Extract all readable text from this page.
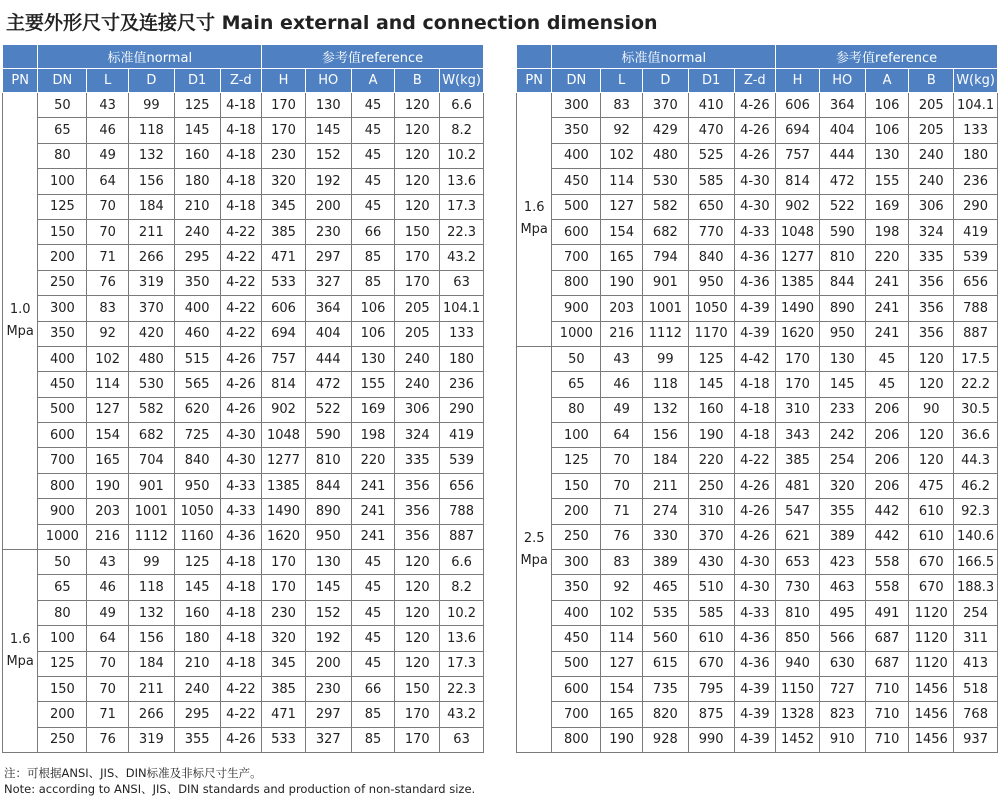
主要外形尺寸及连接尺寸 Main external and connection dimension
	标准值normal					参考值reference				
PN	DN	L	D	D1	Z-d	H	HO	A	B	W(kg)

1.0
Mpa	50	43	99	125	4-18	170	130	45	120	6.6
	65	46	118	145	4-18	170	145	45	120	8.2
	80	49	132	160	4-18	230	152	45	120	10.2
	100	64	156	180	4-18	320	192	45	120	13.6
	125	70	184	210	4-18	345	200	45	120	17.3
	150	70	211	240	4-22	385	230	66	150	22.3
	200	71	266	295	4-22	471	297	85	170	43.2
	250	76	319	350	4-22	533	327	85	170	63
	300	83	370	400	4-22	606	364	106	205	104.1
	350	92	420	460	4-22	694	404	106	205	133
	400	102	480	515	4-26	757	444	130	240	180
	450	114	530	565	4-26	814	472	155	240	236
	500	127	582	620	4-26	902	522	169	306	290
	600	154	682	725	4-30	1048	590	198	324	419
	700	165	704	840	4-30	1277	810	220	335	539
	800	190	901	950	4-33	1385	844	241	356	656
	900	203	1001	1050	4-33	1490	890	241	356	788
	1000	216	1112	1160	4-36	1620	950	241	356	887

1.6
Mpa	50	43	99	125	4-18	170	130	45	120	6.6
	65	46	118	145	4-18	170	145	45	120	8.2
	80	49	132	160	4-18	230	152	45	120	10.2
	100	64	156	180	4-18	320	192	45	120	13.6
	125	70	184	210	4-18	345	200	45	120	17.3
	150	70	211	240	4-22	385	230	66	150	22.3
	200	71	266	295	4-22	471	297	85	170	43.2
	250	76	319	355	4-26	533	327	85	170	63
	标准值normal					参考值reference				
PN	DN	L	D	D1	Z-d	H	HO	A	B	W(kg)

1.6
Mpa	300	83	370	410	4-26	606	364	106	205	104.1
	350	92	429	470	4-26	694	404	106	205	133
	400	102	480	525	4-26	757	444	130	240	180
	450	114	530	585	4-30	814	472	155	240	236
	500	127	582	650	4-30	902	522	169	306	290
	600	154	682	770	4-33	1048	590	198	324	419
	700	165	794	840	4-36	1277	810	220	335	539
	800	190	901	950	4-36	1385	844	241	356	656
	900	203	1001	1050	4-39	1490	890	241	356	788
	1000	216	1112	1170	4-39	1620	950	241	356	887

2.5
Mpa	50	43	99	125	4-42	170	130	45	120	17.5
	65	46	118	145	4-18	170	145	45	120	22.2
	80	49	132	160	4-18	310	233	206	90	30.5
	100	64	156	190	4-18	343	242	206	120	36.6
	125	70	184	220	4-22	385	254	206	120	44.3
	150	70	211	250	4-26	481	320	206	475	46.2
	200	71	274	310	4-26	547	355	442	610	92.3
	250	76	330	370	4-26	621	389	442	610	140.6
	300	83	389	430	4-30	653	423	558	670	166.5
	350	92	465	510	4-30	730	463	558	670	188.3
	400	102	535	585	4-33	810	495	491	1120	254
	450	114	560	610	4-36	850	566	687	1120	311
	500	127	615	670	4-36	940	630	687	1120	413
	600	154	735	795	4-39	1150	727	710	1456	518
	700	165	820	875	4-39	1328	823	710	1456	768
	800	190	928	990	4-39	1452	910	710	1456	937
注：可根据ANSI、JIS、DIN标准及非标尺寸生产。
Note: according to ANSI、JIS、DIN standards and production of non-standard size.
